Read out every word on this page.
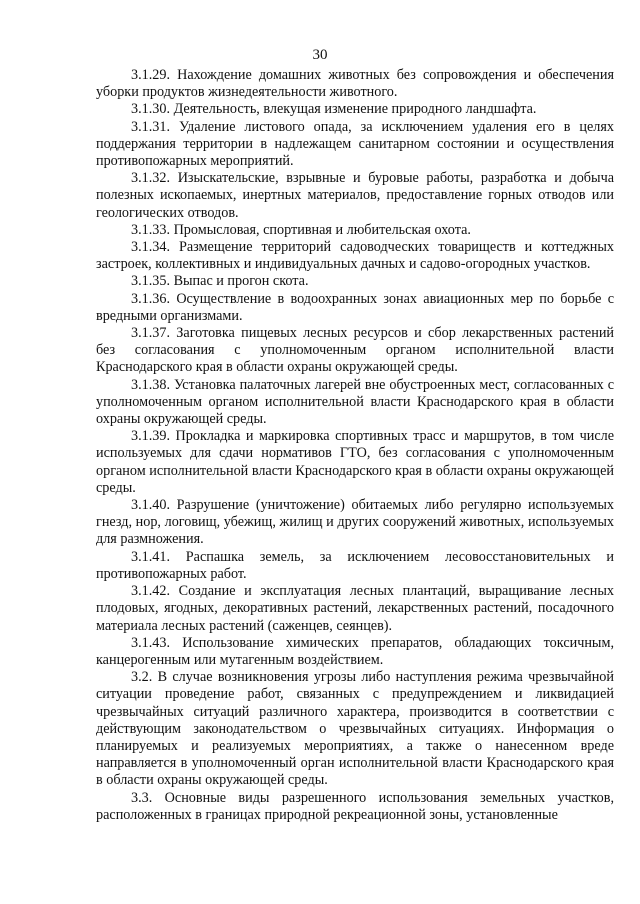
30

3.1.29. Нахождение домашних животных без сопровождения и обеспечения уборки продуктов жизнедеятельности животного.

3.1.30. Деятельность, влекущая изменение природного ландшафта.

3.1.31. Удаление листового опада, за исключением удаления его в целях поддержания территории в надлежащем санитарном состоянии и осуществления противопожарных мероприятий.

3.1.32. Изыскательские, взрывные и буровые работы, разработка и добыча полезных ископаемых, инертных материалов, предоставление горных отводов или геологических отводов.

3.1.33. Промысловая, спортивная и любительская охота.

3.1.34. Размещение территорий садоводческих товариществ и коттеджных застроек, коллективных и индивидуальных дачных и садово-огородных участков.

3.1.35. Выпас и прогон скота.

3.1.36. Осуществление в водоохранных зонах авиационных мер по борьбе с вредными организмами.

3.1.37. Заготовка пищевых лесных ресурсов и сбор лекарственных растений без согласования с уполномоченным органом исполнительной власти Краснодарского края в области охраны окружающей среды.

3.1.38. Установка палаточных лагерей вне обустроенных мест, согласованных с уполномоченным органом исполнительной власти Краснодарского края в области охраны окружающей среды.

3.1.39. Прокладка и маркировка спортивных трасс и маршрутов, в том числе используемых для сдачи нормативов ГТО, без согласования с уполномоченным органом исполнительной власти Краснодарского края в области охраны окружающей среды.

3.1.40. Разрушение (уничтожение) обитаемых либо регулярно используемых гнезд, нор, логовищ, убежищ, жилищ и других сооружений животных, используемых для размножения.

3.1.41. Распашка земель, за исключением лесовосстановительных и противопожарных работ.

3.1.42. Создание и эксплуатация лесных плантаций, выращивание лесных плодовых, ягодных, декоративных растений, лекарственных растений, посадочного материала лесных растений (саженцев, сеянцев).

3.1.43. Использование химических препаратов, обладающих токсичным, канцерогенным или мутагенным воздействием.

3.2. В случае возникновения угрозы либо наступления режима чрезвычайной ситуации проведение работ, связанных с предупреждением и ликвидацией чрезвычайных ситуаций различного характера, производится в соответствии с действующим законодательством о чрезвычайных ситуациях. Информация о планируемых и реализуемых мероприятиях, а также о нанесенном вреде направляется в уполномоченный орган исполнительной власти Краснодарского края в области охраны окружающей среды.

3.3. Основные виды разрешенного использования земельных участков, расположенных в границах природной рекреационной зоны, установленные
